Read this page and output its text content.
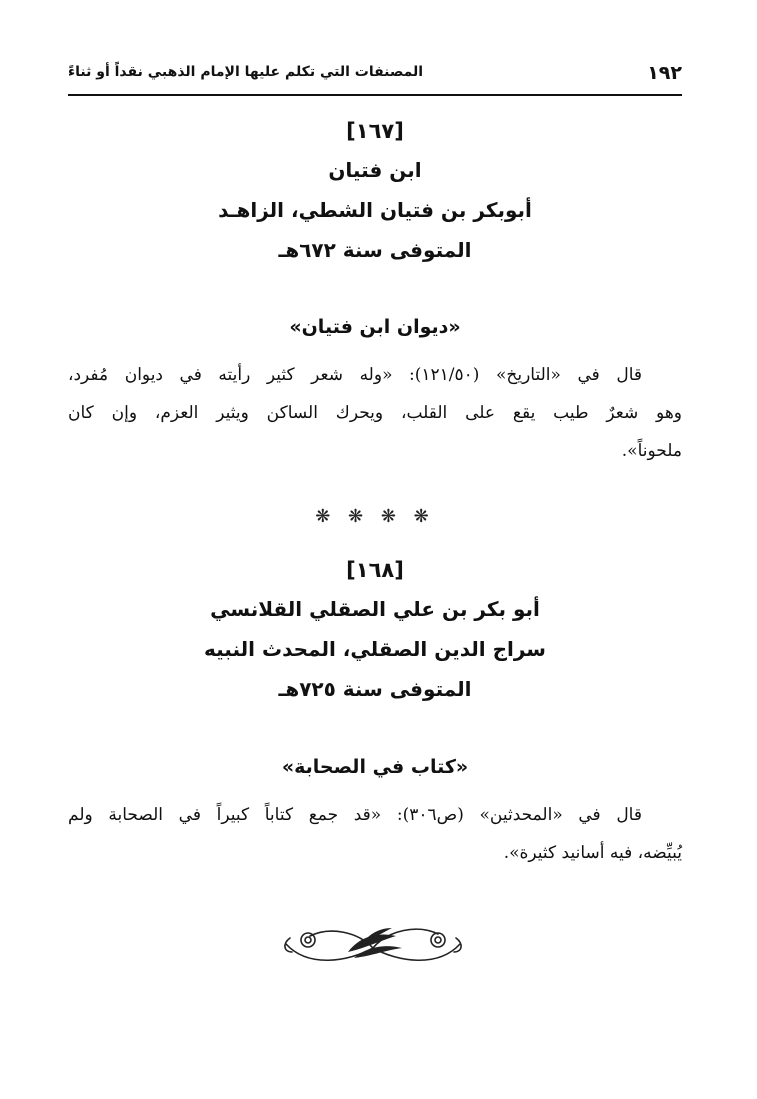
١٩٢
المصنفات التي تكلم عليها الإمام الذهبي نقداً أو ثناءً
[١٦٧]
ابن فتيان
أبوبكر بن فتيان الشطي، الزاهـد
المتوفى سنة ٦٧٢هـ
«ديوان ابن فتيان»
قال في «التاريخ» (١٢١/٥٠): «وله شعر كثير رأيته في ديوان مُفرد،
وهو شعرٌ طيب يقع على القلب، ويحرك الساكن ويثير العزم، وإن كان
ملحوناً».
❋ ❋ ❋ ❋
[١٦٨]
أبو بكر بن علي الصقلي القلانسي
سراج الدين الصقلي، المحدث النبيه
المتوفى سنة ٧٢٥هـ
«كتاب في الصحابة»
قال في «المحدثين» (ص٣٠٦): «قد جمع كتاباً كبيراً في الصحابة ولم
يُبيِّضه، فيه أسانيد كثيرة».
